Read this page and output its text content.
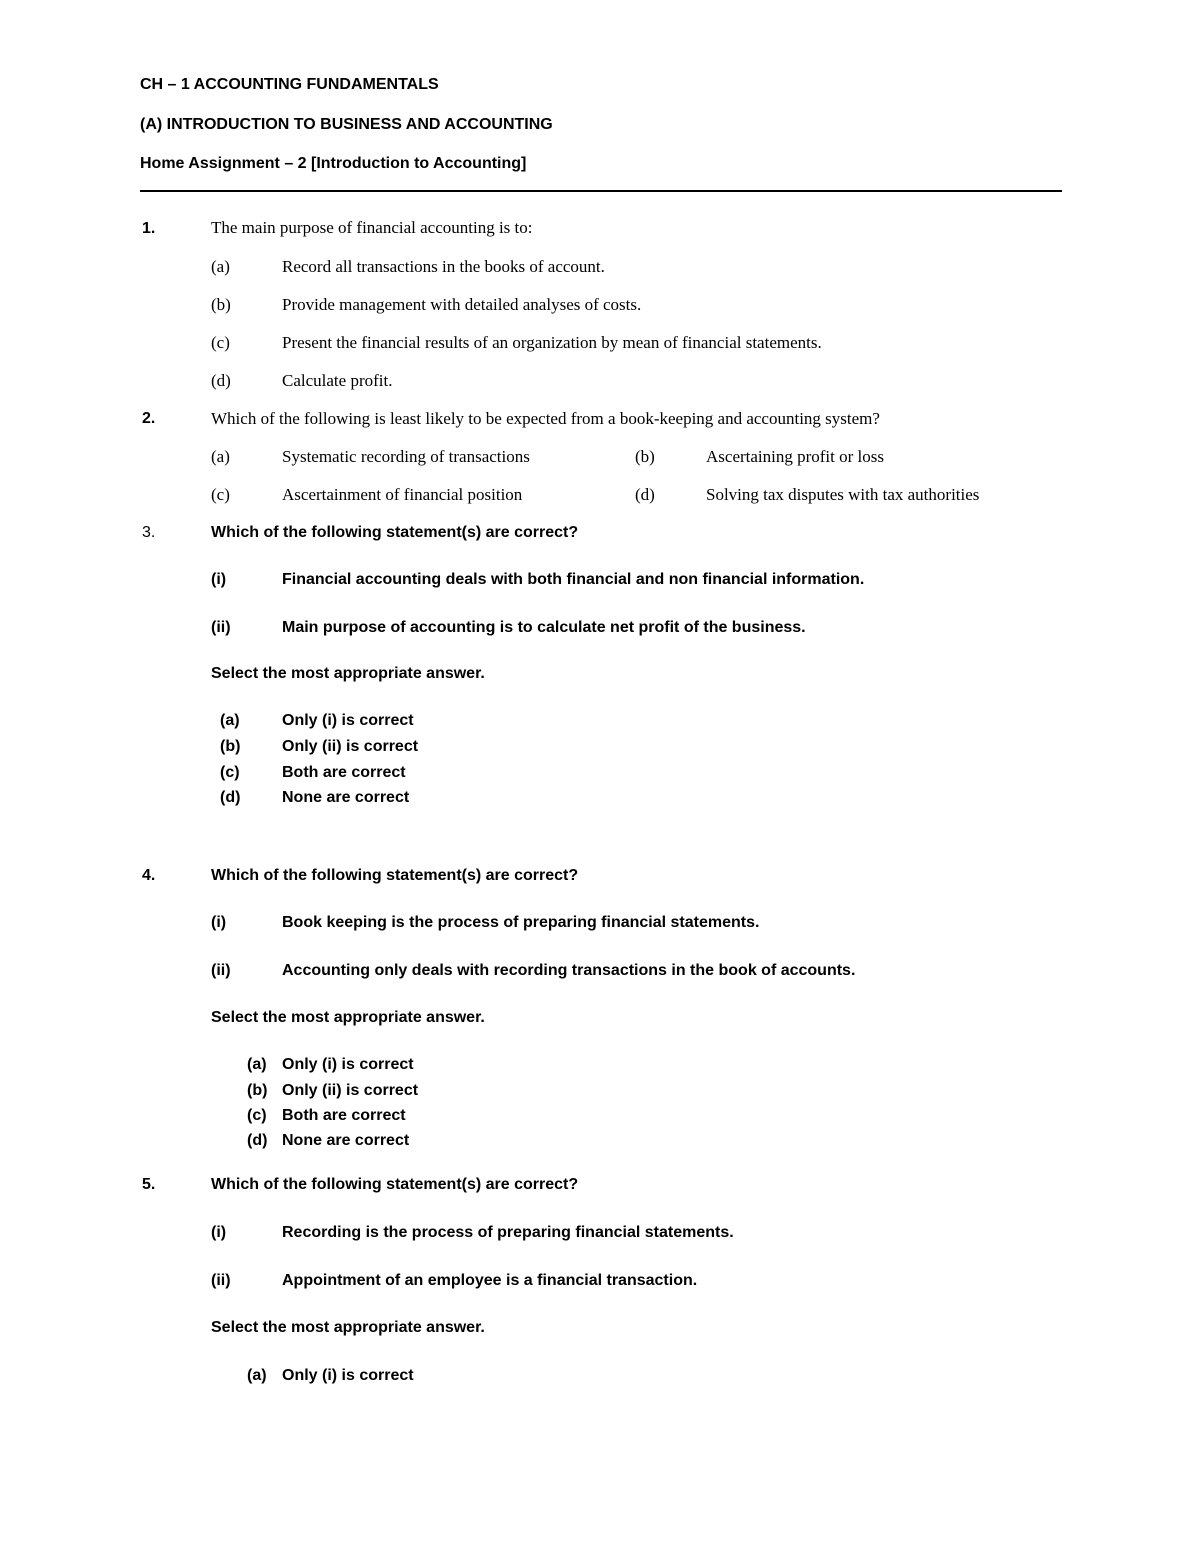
CH – 1 ACCOUNTING FUNDAMENTALS
(A) INTRODUCTION TO BUSINESS AND ACCOUNTING
Home Assignment – 2 [Introduction to Accounting]
1.	The main purpose of financial accounting is to:
(a)	Record all transactions in the books of account.
(b)	Provide management with detailed analyses of costs.
(c)	Present the financial results of an organization by mean of financial statements.
(d)	Calculate profit.
2.	Which of the following is least likely to be expected from a book-keeping and accounting system?
(a)	Systematic recording of transactions	(b)	Ascertaining profit or loss
(c)	Ascertainment of financial position	(d)	Solving tax disputes with tax authorities
3.	Which of the following statement(s) are correct?
(i)	Financial accounting deals with both financial and non financial information.
(ii)	Main purpose of accounting is to calculate net profit of the business.
Select the most appropriate answer.
(a)	Only (i) is correct
(b)	Only (ii) is correct
(c)	Both are correct
(d)	None are correct
4.	Which of the following statement(s) are correct?
(i)	Book keeping is the process of preparing financial statements.
(ii)	Accounting only deals with recording transactions in the book of accounts.
Select the most appropriate answer.
(a) Only (i) is correct
(b) Only (ii) is correct
(c) Both are correct
(d) None are correct
5.	Which of the following statement(s) are correct?
(i)	Recording is the process of preparing financial statements.
(ii)	Appointment of an employee is a financial transaction.
Select the most appropriate answer.
(a) Only (i) is correct
